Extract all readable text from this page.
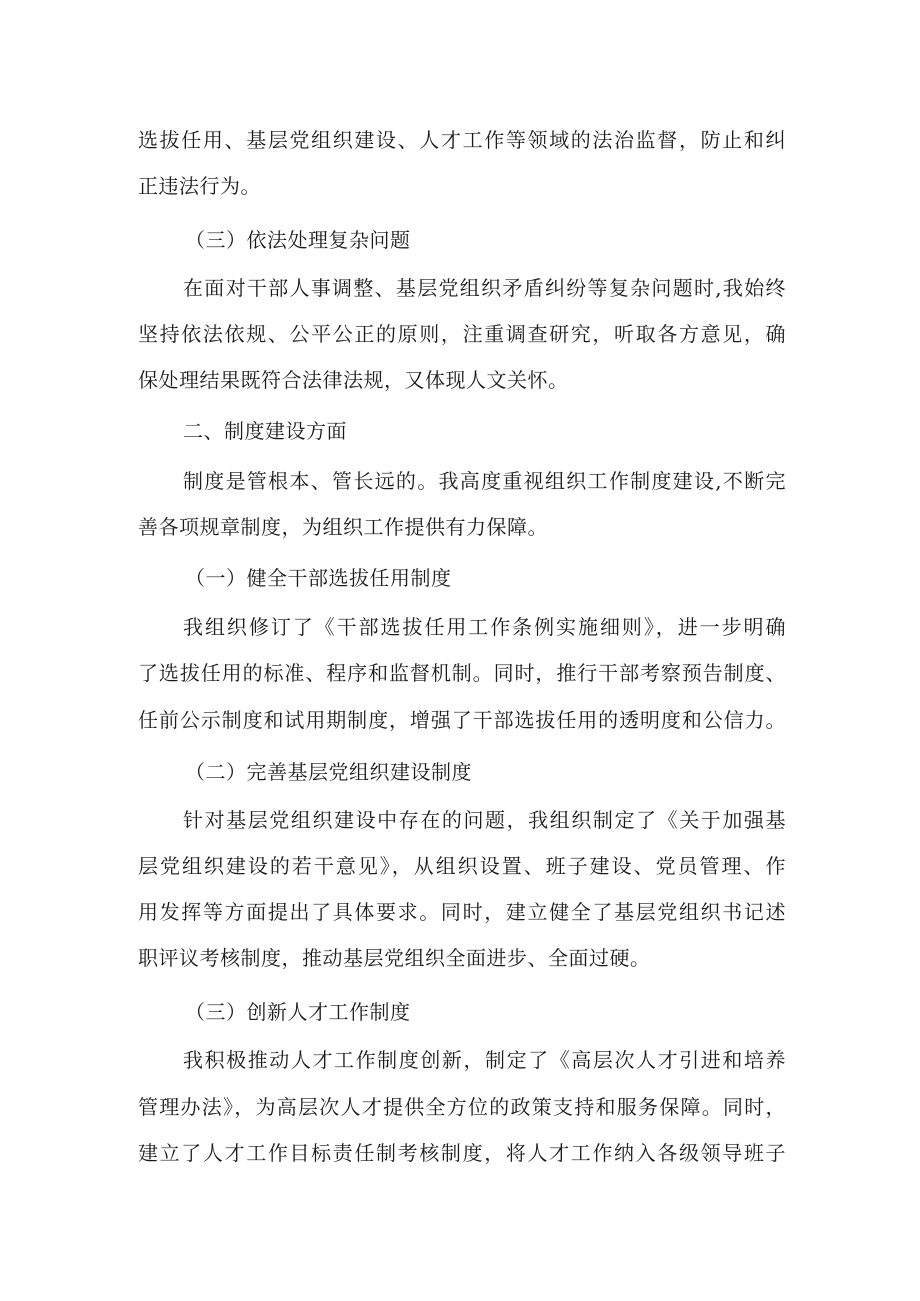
选拔任用、基层党组织建设、人才工作等领域的法治监督，防止和纠
正违法行为。
（三）依法处理复杂问题
在面对干部人事调整、基层党组织矛盾纠纷等复杂问题时,我始终
坚持依法依规、公平公正的原则，注重调查研究，听取各方意见，确
保处理结果既符合法律法规，又体现人文关怀。
二、制度建设方面
制度是管根本、管长远的。我高度重视组织工作制度建设,不断完
善各项规章制度，为组织工作提供有力保障。
（一）健全干部选拔任用制度
我组织修订了《干部选拔任用工作条例实施细则》，进一步明确
了选拔任用的标准、程序和监督机制。同时，推行干部考察预告制度、
任前公示制度和试用期制度，增强了干部选拔任用的透明度和公信力。
（二）完善基层党组织建设制度
针对基层党组织建设中存在的问题，我组织制定了《关于加强基
层党组织建设的若干意见》，从组织设置、班子建设、党员管理、作
用发挥等方面提出了具体要求。同时，建立健全了基层党组织书记述
职评议考核制度，推动基层党组织全面进步、全面过硬。
（三）创新人才工作制度
我积极推动人才工作制度创新，制定了《高层次人才引进和培养
管理办法》，为高层次人才提供全方位的政策支持和服务保障。同时，
建立了人才工作目标责任制考核制度，将人才工作纳入各级领导班子
